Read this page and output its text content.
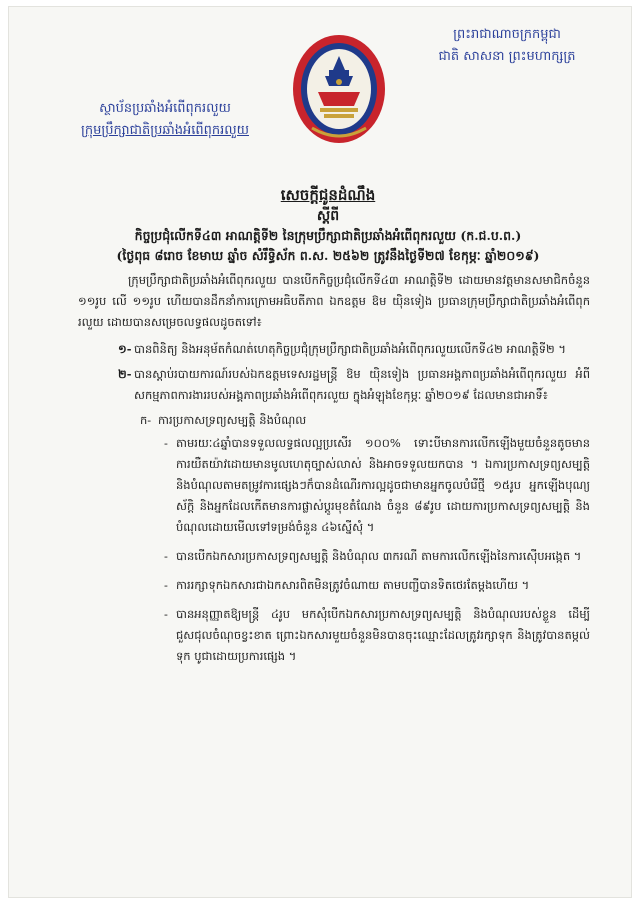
ព្រះរាជាណាចក្រកម្ពុជា
ជាតិ សាសនា ព្រះមហាក្សត្រ
ស្ថាប័នប្រឆាំងអំពើពុករលួយ
ក្រុមប្រឹក្សាជាតិប្រឆាំងអំពើពុករលួយ
សេចក្តីជូនដំណឹង
ស្តីពី
កិច្ចប្រជុំលើកទី៤៣ អាណត្តិទី២ នៃក្រុមប្រឹក្សាជាតិប្រឆាំងអំពើពុករលួយ (ក.ជ.ប.ព.)
(ថ្ងៃពុធ ៨រោច ខែមាឃ ឆ្នាំច សំរឹទ្ធិស័ក ព.ស. ២៥៦២ ត្រូវនឹងថ្ងៃទី២៧ ខែកុម្ភៈ ឆ្នាំ២០១៩)

ក្រុមប្រឹក្សាជាតិប្រឆាំងអំពើពុករលួយ បានបើកកិច្ចប្រជុំលើកទី៤៣ អាណត្តិទី២ ដោយមានវត្តមានសមាជិកចំនួន ១១រូប លើ ១១រូប ហើយបានដឹកនាំការក្រោមអធិបតីភាព ឯកឧត្តម ឱម យ៉ិនទៀង ប្រធានក្រុមប្រឹក្សាជាតិប្រឆាំងអំពើពុករលួយ ដោយបានសម្រេចលទ្ធផលដូចតទៅ៖

១- បានពិនិត្យ និងអនុម័តកំណត់ហេតុកិច្ចប្រជុំក្រុមប្រឹក្សាជាតិប្រឆាំងអំពើពុករលួយលើកទី៤២ អាណត្តិទី២ ។
២- បានស្តាប់របាយការណ៍របស់ឯកឧត្តមទេសរដ្ឋមន្ត្រី ឱម យ៉ិនទៀង ប្រធានអង្គភាពប្រឆាំងអំពើពុករលួយ អំពីសកម្មភាពការងាររបស់អង្គភាពប្រឆាំងអំពើពុករលួយ ក្នុងអំឡុងខែកុម្ភៈ ឆ្នាំ២០១៩ ដែលមានជាអាទិ៍៖
ក- ការប្រកាសទ្រព្យសម្បត្តិ និងបំណុល
- តាមរយៈ៤ឆ្នាំបានទទួលលទ្ធផលល្អប្រសើរ ១០០% ទោះបីមានការលើកឡើងមួយចំនួនតូចមានការយឺតយ៉ាវដោយមានមូលហេតុច្បាស់លាស់ និងអាចទទួលយកបាន ។ ឯការប្រកាសទ្រព្យសម្បត្តិ និងបំណុលតាមតម្រូវការផ្សេងៗក៏បានដំណើរការល្អដូចជាមានអ្នកចូលបំរើថ្មី ១៥រូប អ្នកឡើងបុណ្យស័ក្តិ និងអ្នកដែលកើតមានការផ្លាស់ប្តូរមុខតំណែង ចំនួន ៨៩រូប ដោយការប្រកាសទ្រព្យសម្បត្តិ និងបំណុលដោយមើលទៅទម្រង់ចំនួន ៤៦ស្នើសុំ ។
- បានបើកឯកសារប្រកាសទ្រព្យសម្បត្តិ និងបំណុល ៣ករណី តាមការលើកឡើងនៃការស៊ើបអង្កេត ។
- ការរក្សាទុកឯកសារជាឯកសារពិតមិនត្រូវចំណាយ តាមបញ្ជីបានទិតថេរតែម្តងហើយ ។
- បានអនុញ្ញាតឱ្យមន្ត្រី ៤រូប មកសុំបើកឯកសារប្រកាសទ្រព្យសម្បត្តិ និងបំណុលរបស់ខ្លួន ដើម្បីជួសជុលចំណុចខ្វះខាត ព្រោះឯកសារមួយចំនួនមិនបានចុះឈ្មោះដែលត្រូវរក្សាទុក និងត្រូវបានតម្កល់ទុក បូជាដោយប្រការផ្សេង ។
